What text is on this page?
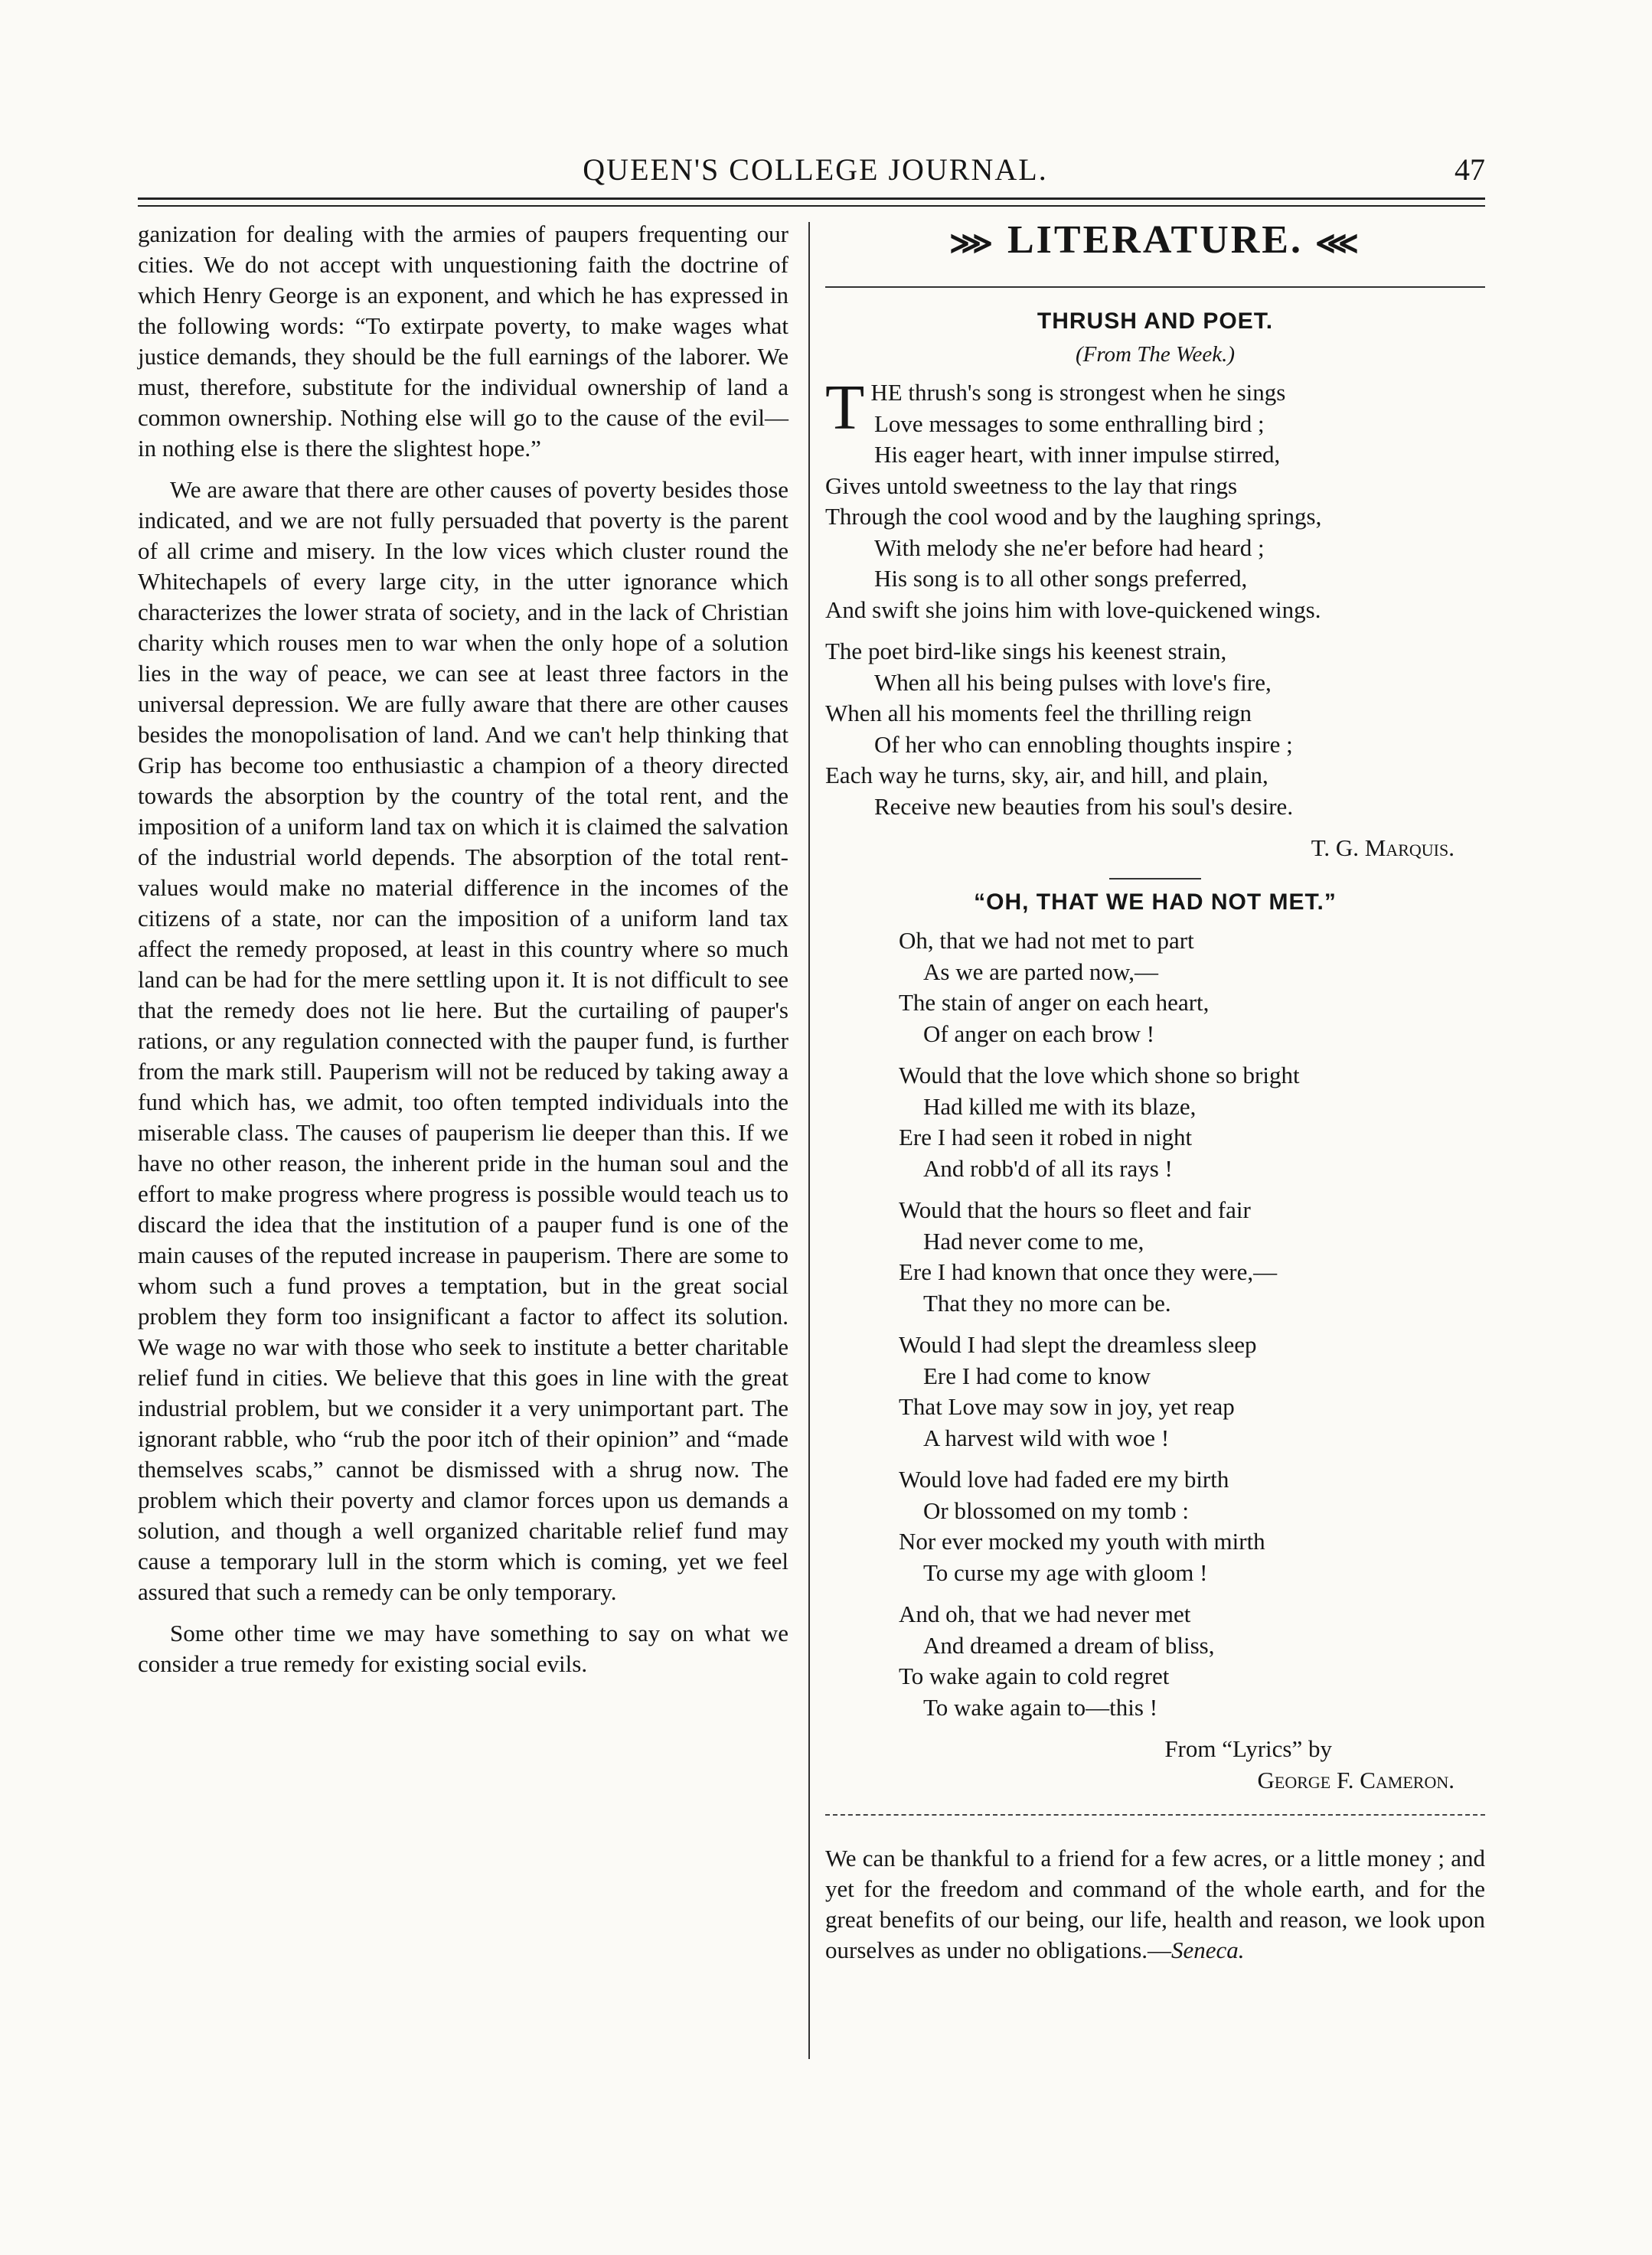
QUEEN'S COLLEGE JOURNAL.	47

ganization for dealing with the armies of paupers frequenting our cities. We do not accept with unquestioning faith the doctrine of which Henry George is an exponent, and which he has expressed in the following words: “To extirpate poverty, to make wages what justice demands, they should be the full earnings of the laborer. We must, therefore, substitute for the individual ownership of land a common ownership. Nothing else will go to the cause of the evil—in nothing else is there the slightest hope.”

We are aware that there are other causes of poverty besides those indicated, and we are not fully persuaded that poverty is the parent of all crime and misery. In the low vices which cluster round the Whitechapels of every large city, in the utter ignorance which characterizes the lower strata of society, and in the lack of Christian charity which rouses men to war when the only hope of a solution lies in the way of peace, we can see at least three factors in the universal depression. We are fully aware that there are other causes besides the monopolisation of land. And we can't help thinking that Grip has become too enthusiastic a champion of a theory directed towards the absorption by the country of the total rent, and the imposition of a uniform land tax on which it is claimed the salvation of the industrial world depends. The absorption of the total rent-values would make no material difference in the incomes of the citizens of a state, nor can the imposition of a uniform land tax affect the remedy proposed, at least in this country where so much land can be had for the mere settling upon it. It is not difficult to see that the remedy does not lie here. But the curtailing of pauper's rations, or any regulation connected with the pauper fund, is further from the mark still. Pauperism will not be reduced by taking away a fund which has, we admit, too often tempted individuals into the miserable class. The causes of pauperism lie deeper than this. If we have no other reason, the inherent pride in the human soul and the effort to make progress where progress is possible would teach us to discard the idea that the institution of a pauper fund is one of the main causes of the reputed increase in pauperism. There are some to whom such a fund proves a temptation, but in the great social problem they form too insignificant a factor to affect its solution. We wage no war with those who seek to institute a better charitable relief fund in cities. We believe that this goes in line with the great industrial problem, but we consider it a very unimportant part. The ignorant rabble, who “rub the poor itch of their opinion” and “made themselves scabs,” cannot be dismissed with a shrug now. The problem which their poverty and clamor forces upon us demands a solution, and though a well organized charitable relief fund may cause a temporary lull in the storm which is coming, yet we feel assured that such a remedy can be only temporary.

Some other time we may have something to say on what we consider a true remedy for existing social evils.

⋙ LITERATURE. ⋘
THRUSH AND POET.
(From The Week.)
T HE thrush's song is strongest when he sings
Love messages to some enthralling bird ;
His eager heart, with inner impulse stirred,
Gives untold sweetness to the lay that rings
Through the cool wood and by the laughing springs,
With melody she ne'er before had heard ;
His song is to all other songs preferred,
And swift she joins him with love-quickened wings.
The poet bird-like sings his keenest strain,
When all his being pulses with love's fire,
When all his moments feel the thrilling reign
Of her who can ennobling thoughts inspire ;
Each way he turns, sky, air, and hill, and plain,
Receive new beauties from his soul's desire.
T. G. Marquis.
“OH, THAT WE HAD NOT MET.”
Oh, that we had not met to part
As we are parted now,—
The stain of anger on each heart,
Of anger on each brow !
Would that the love which shone so bright
Had killed me with its blaze,
Ere I had seen it robed in night
And robb'd of all its rays !
Would that the hours so fleet and fair
Had never come to me,
Ere I had known that once they were,—
That they no more can be.
Would I had slept the dreamless sleep
Ere I had come to know
That Love may sow in joy, yet reap
A harvest wild with woe !
Would love had faded ere my birth
Or blossomed on my tomb :
Nor ever mocked my youth with mirth
To curse my age with gloom !
And oh, that we had never met
And dreamed a dream of bliss,
To wake again to cold regret
To wake again to—this !
From “Lyrics” by
George F. Cameron.
We can be thankful to a friend for a few acres, or a little money ; and yet for the freedom and command of the whole earth, and for the great benefits of our being, our life, health and reason, we look upon ourselves as under no obligations.—Seneca.
